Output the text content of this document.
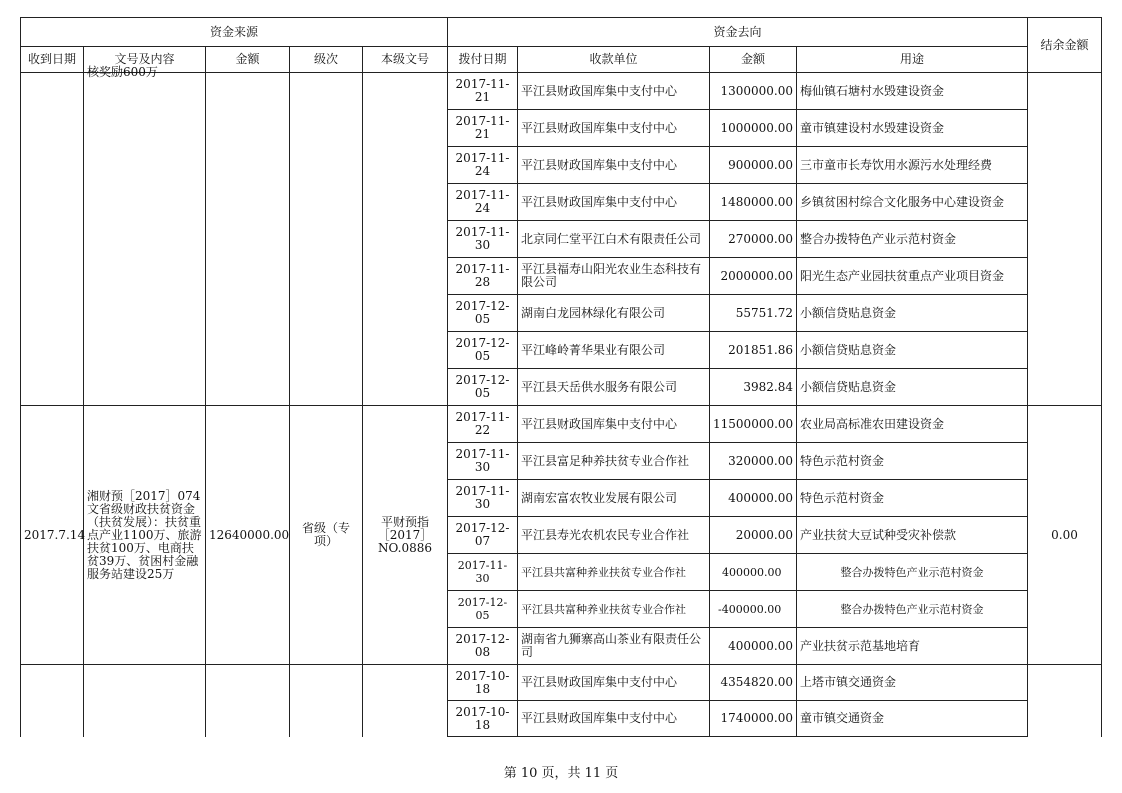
资金来源					资金去向				结余金额
收到日期	文号及内容	金额	级次	本级文号	拨付日期	收款单位	金额	用途	

	核奖励600万				2017-11-21	平江县财政国库集中支付中心	1300000.00	梅仙镇石塘村水毁建设资金	
					2017-11-21	平江县财政国库集中支付中心	1000000.00	童市镇建设村水毁建设资金	
					2017-11-24	平江县财政国库集中支付中心	900000.00	三市童市长寿饮用水源污水处理经费	
					2017-11-24	平江县财政国库集中支付中心	1480000.00	乡镇贫困村综合文化服务中心建设资金	
					2017-11-30	北京同仁堂平江白术有限责任公司	270000.00	整合办拨特色产业示范村资金	
					2017-11-28	平江县福寿山阳光农业生态科技有限公司	2000000.00	阳光生态产业园扶贫重点产业项目资金	
					2017-12-05	湖南白龙园林绿化有限公司	55751.72	小额信贷贴息资金	
					2017-12-05	平江峰岭菁华果业有限公司	201851.86	小额信贷贴息资金	
					2017-12-05	平江县天岳供水服务有限公司	3982.84	小额信贷贴息资金	
2017.7.14	湘财预［2017］074文省级财政扶贫资金（扶贫发展）：扶贫重点产业1100万、旅游扶贫100万、电商扶贫39万、贫困村金融服务站建设25万	12640000.00	省级（专项）	平财预指［2017］NO.0886	2017-11-22	平江县财政国库集中支付中心	11500000.00	农业局高标准农田建设资金	0.00
					2017-11-30	平江县富足种养扶贫专业合作社	320000.00	特色示范村资金	
					2017-11-30	湖南宏富农牧业发展有限公司	400000.00	特色示范村资金	
					2017-12-07	平江县寿光农机农民专业合作社	20000.00	产业扶贫大豆试种受灾补偿款	
					2017-11-30	平江县共富种养业扶贫专业合作社	400000.00	整合办拨特色产业示范村资金	
					2017-12-05	平江县共富种养业扶贫专业合作社	-400000.00	整合办拨特色产业示范村资金	
					2017-12-08	湖南省九狮寨高山茶业有限责任公司	400000.00	产业扶贫示范基地培育	
					2017-10-18	平江县财政国库集中支付中心	4354820.00	上塔市镇交通资金	
					2017-10-18	平江县财政国库集中支付中心	1740000.00	童市镇交通资金	
第 10 页，共 11 页
